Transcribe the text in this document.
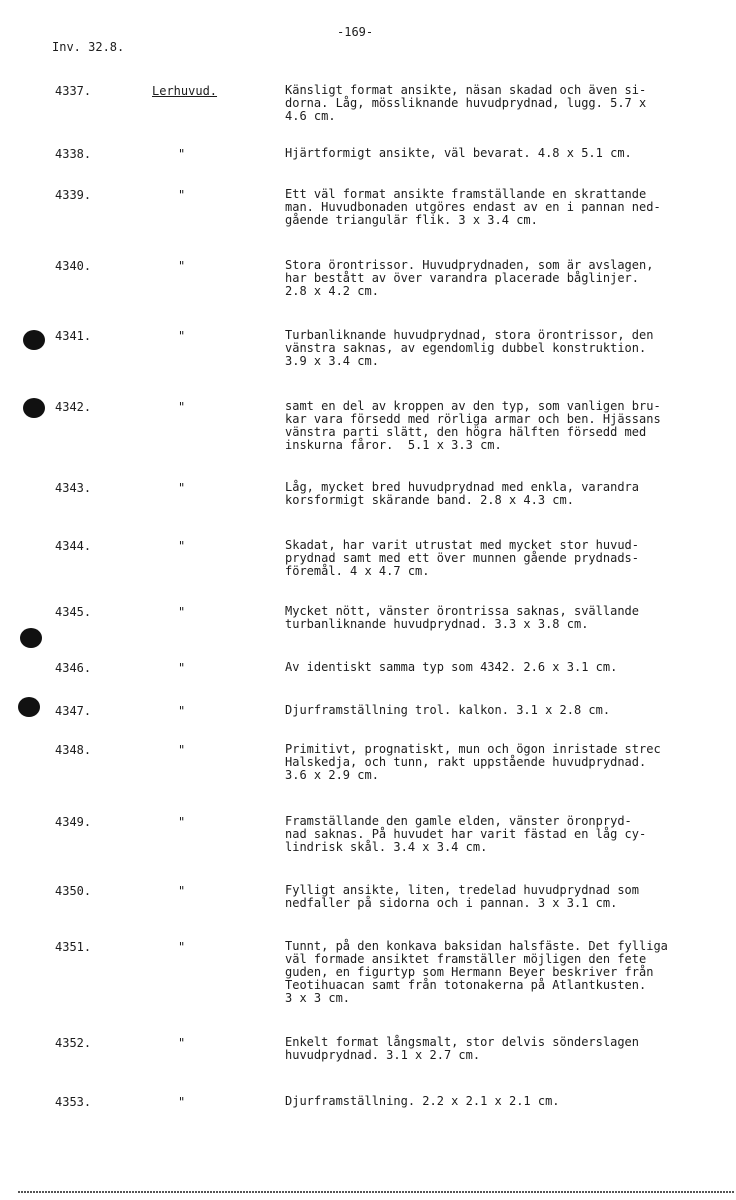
-169-
Inv. 32.8.
4337.	Lerhuvud.	Känsligt format ansikte, näsan skadad och även si-
dorna. Låg, mössliknande huvudprydnad, lugg. 5.7 x
4.6 cm.
4338.	"	Hjärtformigt ansikte, väl bevarat. 4.8 x 5.1 cm.
4339.	"	Ett väl format ansikte framställande en skrattande
man. Huvudbonaden utgöres endast av en i pannan ned-
gående triangulär flik. 3 x 3.4 cm.
4340.	"	Stora örontrissor. Huvudprydnaden, som är avslagen,
har bestått av över varandra placerade båglinjer.
2.8 x 4.2 cm.
4341.	"	Turbanliknande huvudprydnad, stora örontrissor, den
vänstra saknas, av egendomlig dubbel konstruktion.
3.9 x 3.4 cm.
4342.	"	samt en del av kroppen av den typ, som vanligen bru-
kar vara försedd med rörliga armar och ben. Hjässans
vänstra parti slätt, den högra hälften försedd med
inskurna fåror.  5.1 x 3.3 cm.
4343.	"	Låg, mycket bred huvudprydnad med enkla, varandra
korsformigt skärande band. 2.8 x 4.3 cm.
4344.	"	Skadat, har varit utrustat med mycket stor huvud-
prydnad samt med ett över munnen gående prydnads-
föremål. 4 x 4.7 cm.
4345.	"	Mycket nött, vänster örontrissa saknas, svällande
turbanliknande huvudprydnad. 3.3 x 3.8 cm.
4346.	"	Av identiskt samma typ som 4342. 2.6 x 3.1 cm.
4347.	"	Djurframställning trol. kalkon. 3.1 x 2.8 cm.
4348.	"	Primitivt, prognatiskt, mun och ögon inristade strec
Halskedja, och tunn, rakt uppstående huvudprydnad.
3.6 x 2.9 cm.
4349.	"	Framställande den gamle elden, vänster öronpryd-
nad saknas. På huvudet har varit fästad en låg cy-
lindrisk skål. 3.4 x 3.4 cm.
4350.	"	Fylligt ansikte, liten, tredelad huvudprydnad som
nedfaller på sidorna och i pannan. 3 x 3.1 cm.
4351.	"	Tunnt, på den konkava baksidan halsfäste. Det fylliga
väl formade ansiktet framställer möjligen den fete
guden, en figurtyp som Hermann Beyer beskriver från
Teotihuacan samt från totonakerna på Atlantkusten.
3 x 3 cm.
4352.	"	Enkelt format långsmalt, stor delvis sönderslagen
huvudprydnad. 3.1 x 2.7 cm.
4353.	"	Djurframställning. 2.2 x 2.1 x 2.1 cm.
